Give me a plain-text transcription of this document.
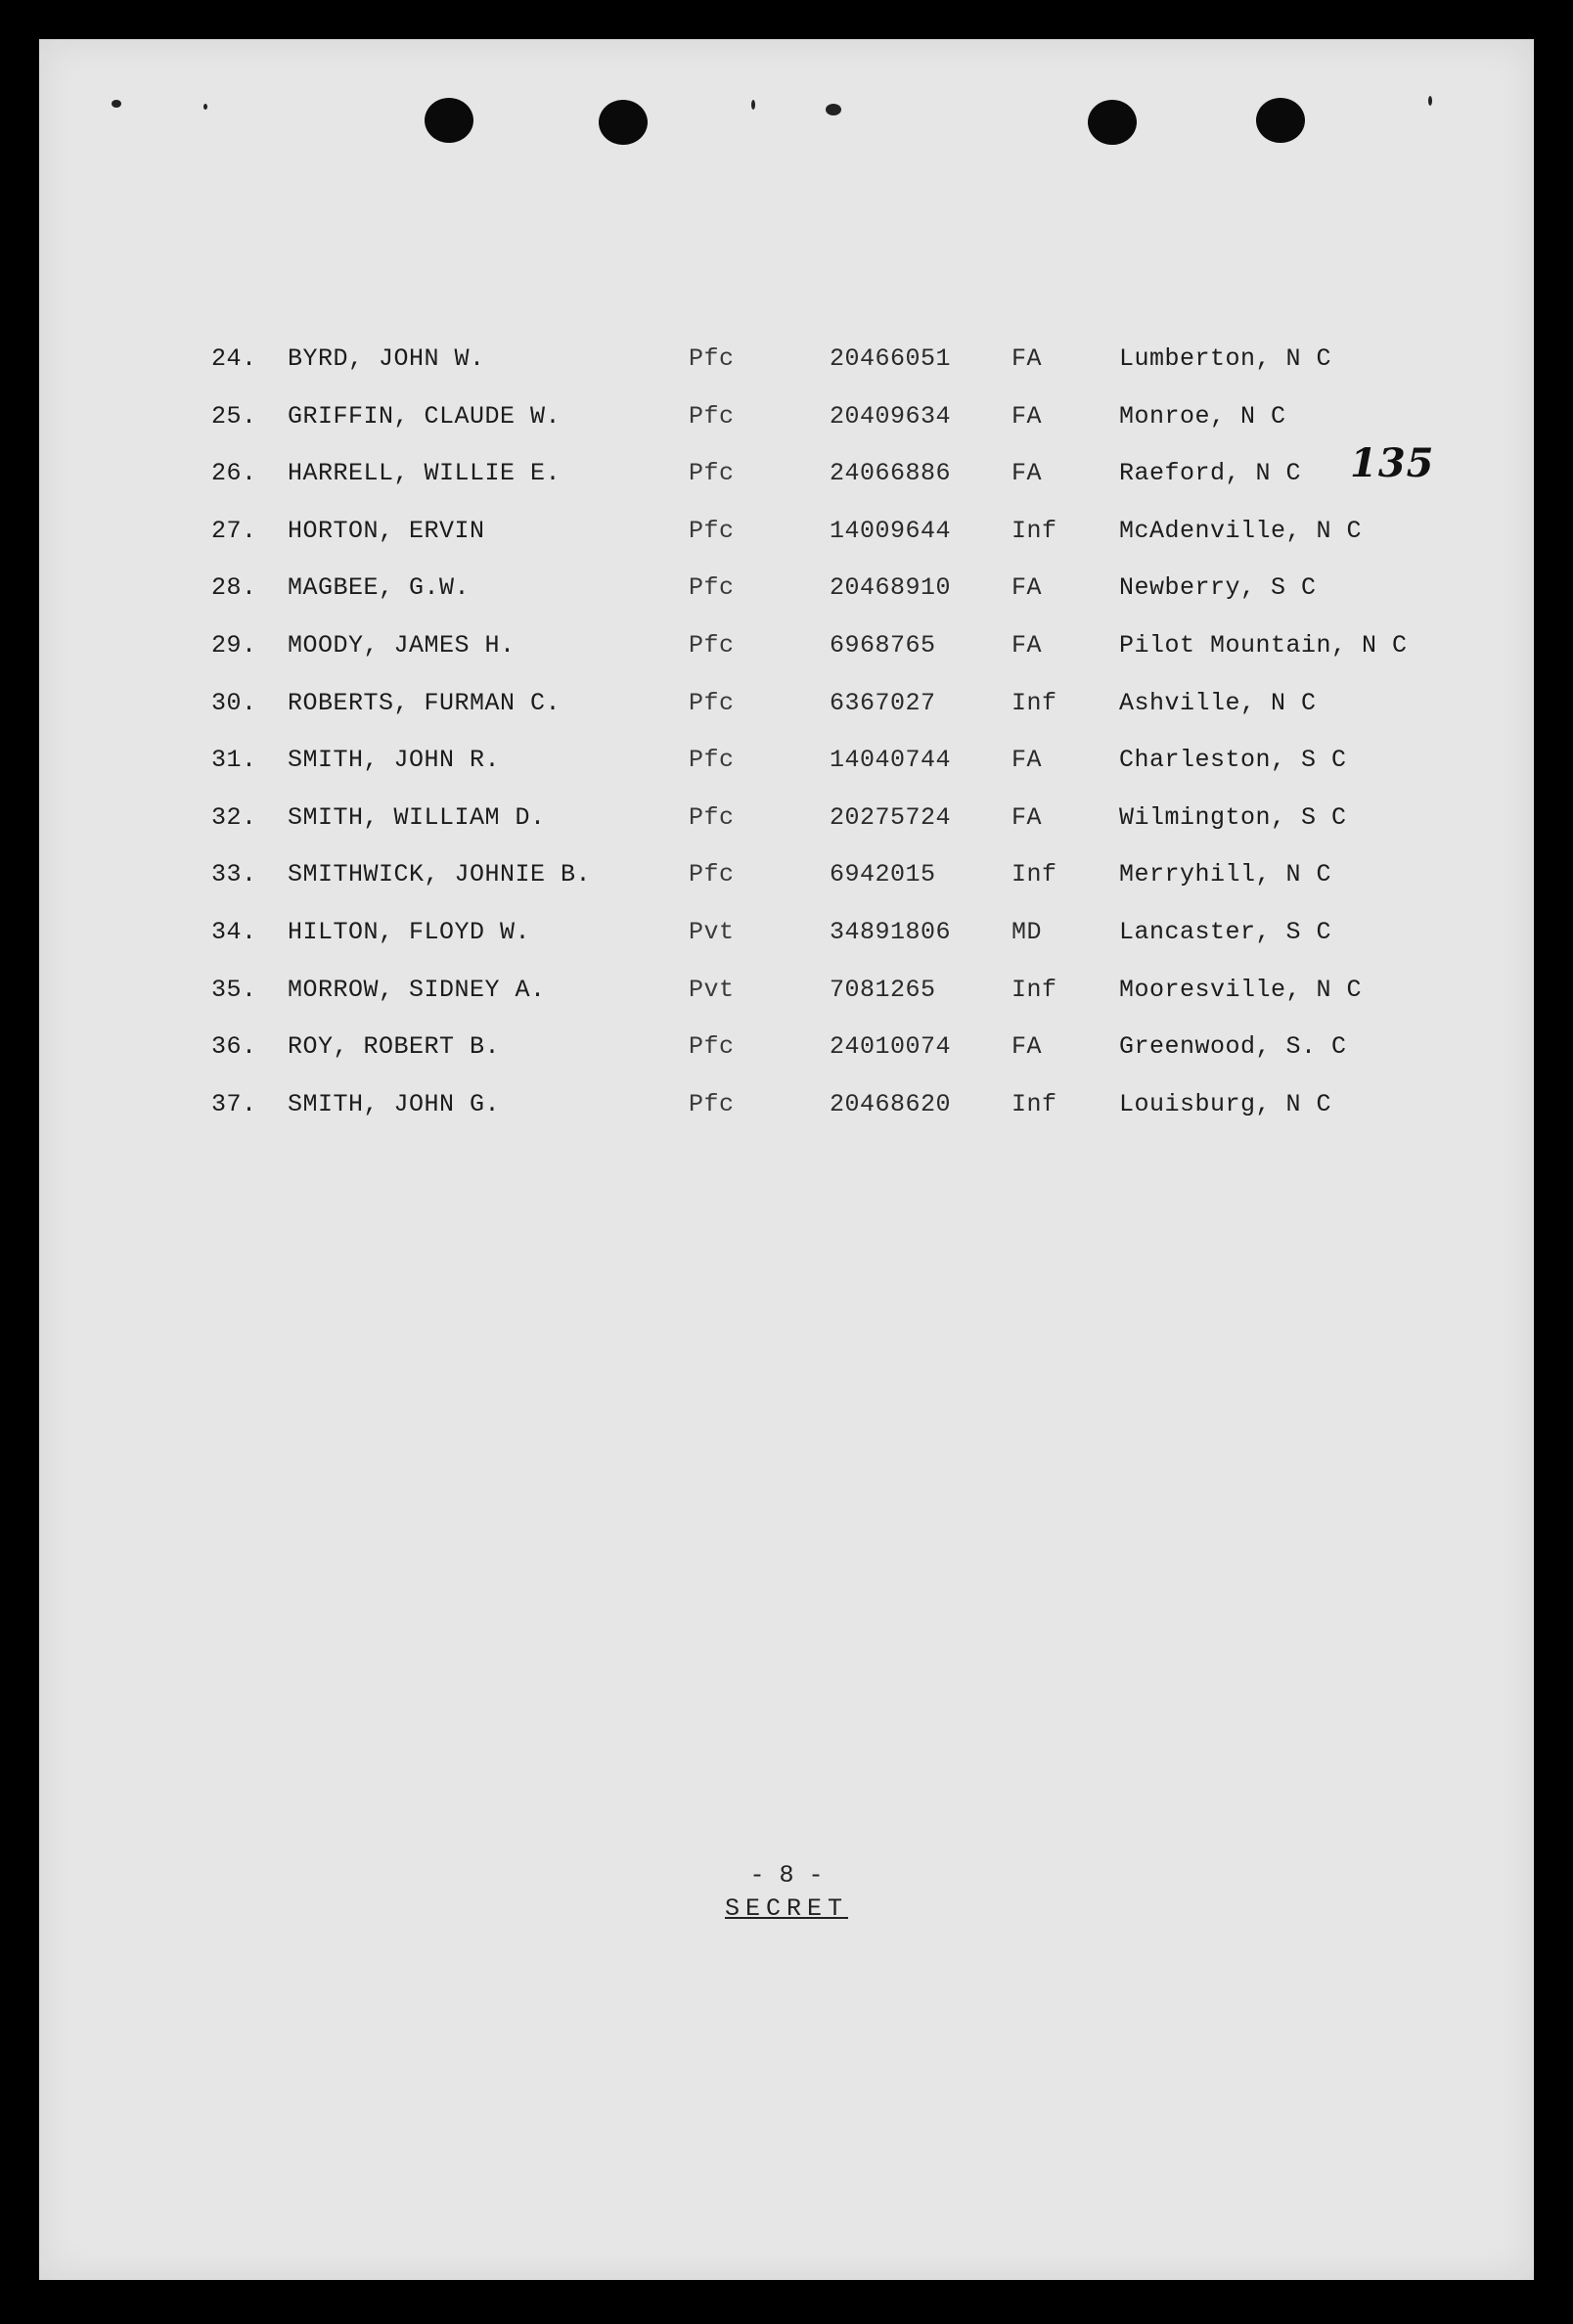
135
24. BYRD, JOHN W.	Pfc	20466051 FA	Lumberton, N C
25. GRIFFIN, CLAUDE W.	Pfc	20409634 FA	Monroe, N C
26. HARRELL, WILLIE E.	Pfc	24066886 FA	Raeford, N C
27. HORTON, ERVIN	Pfc	14009644 Inf	McAdenville, N C
28. MAGBEE, G.W.	Pfc	20468910 FA	Newberry, S C
29. MOODY, JAMES H.	Pfc	6968765	FA	Pilot Mountain, N C
30. ROBERTS, FURMAN C.	Pfc	6367027	Inf	Ashville, N C
31. SMITH, JOHN R.	Pfc	14040744 FA	Charleston, S C
32. SMITH, WILLIAM D.	Pfc	20275724 FA	Wilmington, S C
33. SMITHWICK, JOHNIE B.	Pfc	6942015	Inf	Merryhill, N C
34. HILTON, FLOYD W.	Pvt	34891806 MD	Lancaster, S C
35. MORROW, SIDNEY A.	Pvt	7081265	Inf	Mooresville, N C
36. ROY, ROBERT B.	Pfc	24010074 FA	Greenwood, S. C
37. SMITH, JOHN G.	Pfc	20468620 Inf	Louisburg, N C
- 8 -
SECRET
